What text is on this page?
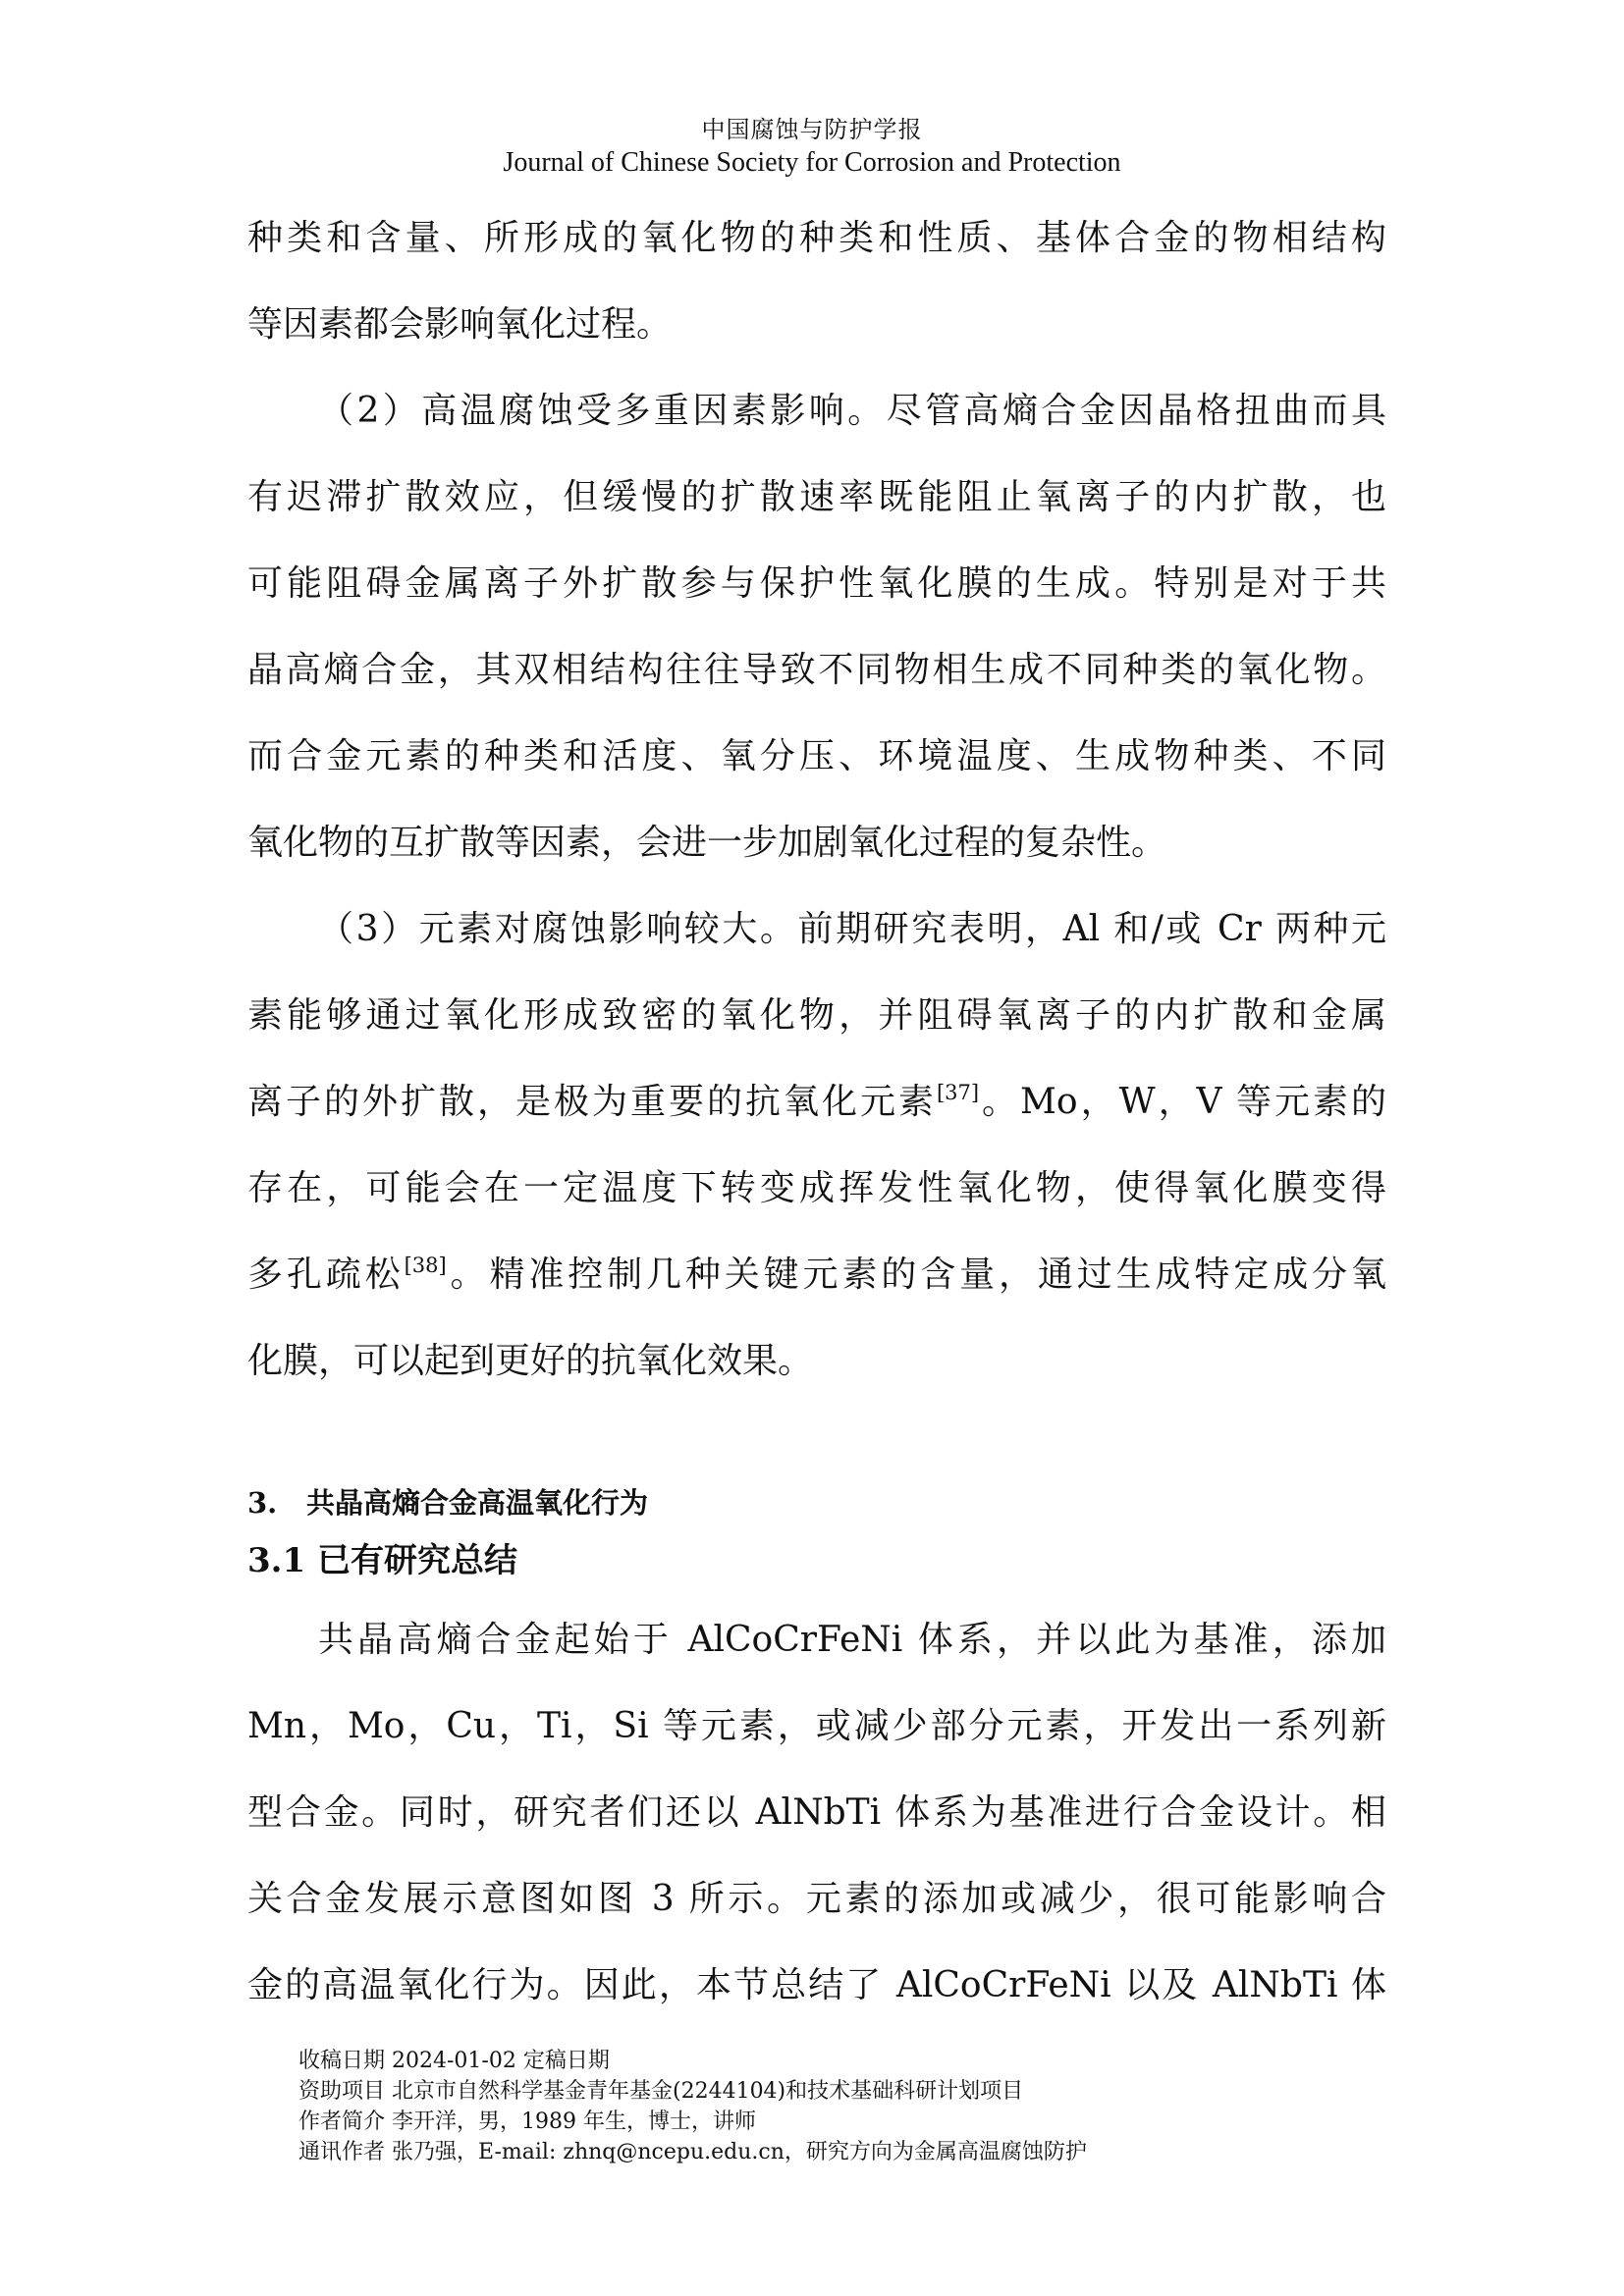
中国腐蚀与防护学报
Journal of Chinese Society for Corrosion and Protection
种类和含量、所形成的氧化物的种类和性质、基体合金的物相结构
等因素都会影响氧化过程。
（2）高温腐蚀受多重因素影响。尽管高熵合金因晶格扭曲而具
有迟滞扩散效应，但缓慢的扩散速率既能阻止氧离子的内扩散，也
可能阻碍金属离子外扩散参与保护性氧化膜的生成。特别是对于共
晶高熵合金，其双相结构往往导致不同物相生成不同种类的氧化物。
而合金元素的种类和活度、氧分压、环境温度、生成物种类、不同
氧化物的互扩散等因素，会进一步加剧氧化过程的复杂性。
（3）元素对腐蚀影响较大。前期研究表明，Al 和/或 Cr 两种元
素能够通过氧化形成致密的氧化物，并阻碍氧离子的内扩散和金属
离子的外扩散，是极为重要的抗氧化元素[37]。Mo，W，V 等元素的
存在，可能会在一定温度下转变成挥发性氧化物，使得氧化膜变得
多孔疏松[38]。精准控制几种关键元素的含量，通过生成特定成分氧
化膜，可以起到更好的抗氧化效果。
3. 共晶高熵合金高温氧化行为
3.1 已有研究总结
共晶高熵合金起始于 AlCoCrFeNi 体系，并以此为基准，添加
Mn，Mo，Cu，Ti，Si 等元素，或减少部分元素，开发出一系列新
型合金。同时，研究者们还以 AlNbTi 体系为基准进行合金设计。相
关合金发展示意图如图 3 所示。元素的添加或减少，很可能影响合
金的高温氧化行为。因此，本节总结了 AlCoCrFeNi 以及 AlNbTi 体
收稿日期 2024-01-02 定稿日期
资助项目 北京市自然科学基金青年基金(2244104)和技术基础科研计划项目
作者简介 李开洋，男，1989 年生，博士，讲师
通讯作者 张乃强，E-mail: zhnq@ncepu.edu.cn，研究方向为金属高温腐蚀防护
